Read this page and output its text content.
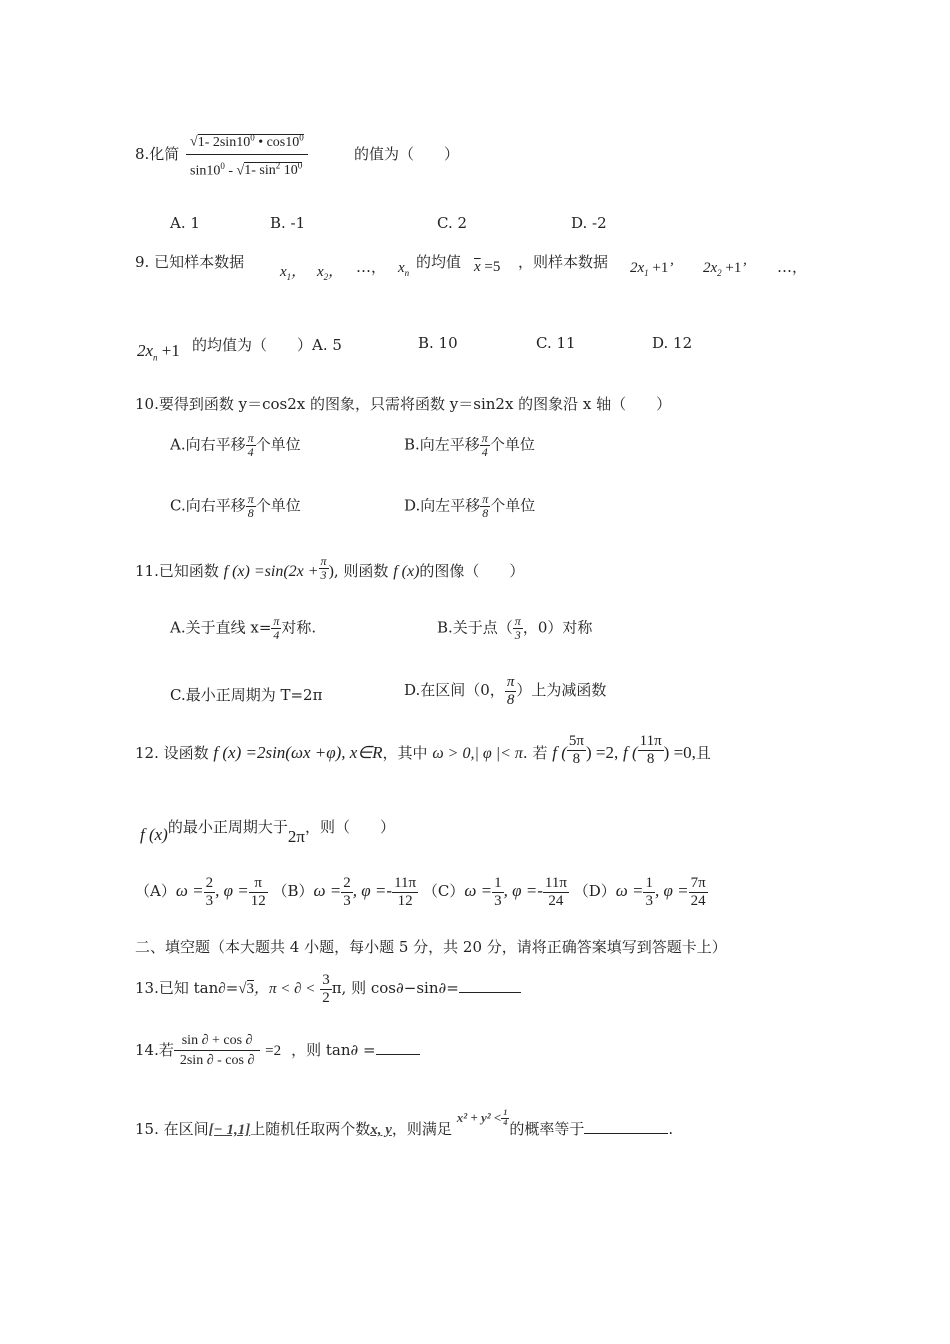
8.化简 $\frac{√1- 2\sin 10^0 • \cos 10^0}{\sin 10^0 - √1- \sin^2 10^0}$	的值为（　　）
A. 1	B. -1	C. 2	D. -2
9. 已知样本数据
$x_1$， $x_2$， …， $x_n$
的均值 $\overline{x} =5$ ，则样本数据 $2x_1 +1$’ $2x_2 +1$’ …，
$2x_n +1$ 的均值为（　　）A. 5	B. 10	C. 11	D. 12
10.要得到函数 y＝cos2x 的图象，只需将函数 y＝sin2x 的图象沿 x 轴（　　）
A.向右平移 $\frac{\pi}{4}$ 个单位	B.向左平移 $\frac{\pi}{4}$ 个单位
C.向右平移 $\frac{\pi}{8}$ 个单位	D.向左平移 $\frac{\pi}{8}$ 个单位
11.已知函数 f $(x) =\sin(2x + \frac{\pi}{3}$ ), 则函数 f (x)的图像（　　）
A.关于直线 $x= \frac{\pi}{4}$ 对称.	B.关于点（ $\frac{\pi}{3}$ ，0）对称
C.最小正周期为 T=2π	D.在区间（0， $\frac{\pi}{8}$ ）上为减函数
12. 设函数 f (x) =2sin(ωx +φ), x∈R，其中 ω > 0,| φ |< π. 若 f ( $\frac{5\pi}{8}$ ) =2, f ( $\frac{11\pi}{8}$ ) =0,且
f (x)的最小正周期大于2π，则（　　）
$(A)\omega = \frac{2}{3}$ , $\varphi = \frac{\pi}{12} (B)\omega = \frac{2}{3}$ , $\varphi =- \frac{11\pi}{12} (C)\omega = \frac{1}{3}$ , $\varphi =- \frac{11\pi}{24} (D)\omega = \frac{1}{3}$ , $\varphi = \frac{7\pi}{24}$
二、填空题（本大题共 4 小题，每小题 5 分，共 20 分，请将正确答案填写到答题卡上）
13.已知 tan∂=√3，π < ∂ < $\frac{3}{2} \pi$, 则 cos∂−sin∂=
14.若 $\frac{\sin \partial + \cos \partial}{2\sin \partial - \cos \partial} =2$ ，则 tan∂ =
15. 在区间[− 1,1]上随机任取两个数x, y，则满足 $x^2 + y^2 < \frac{1}{4}$
的概率等于	.
